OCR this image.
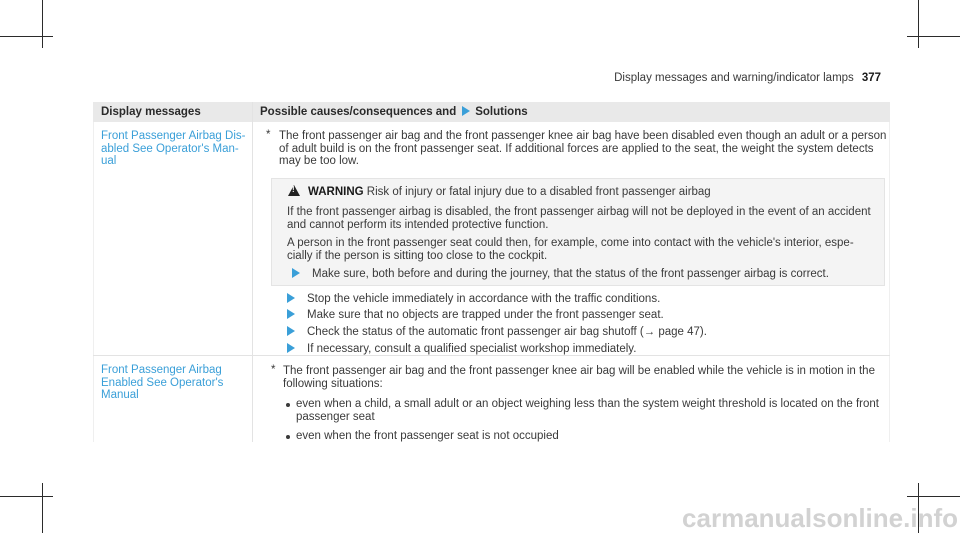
Display messages and warning/indicator lamps 377
Display messages	Possible causes/consequences and Solutions
Front Passenger Airbag Dis-
abled See Operator's Man-
ual
* The front passenger air bag and the front passenger knee air bag have been disabled even though an adult or a person
of adult build is on the front passenger seat. If additional forces are applied to the seat, the weight the system detects
may be too low.
!WARNING Risk of injury or fatal injury due to a disabled front passenger airbag
If the front passenger airbag is disabled, the front passenger airbag will not be deployed in the event of an accident
and cannot perform its intended protective function.
A person in the front passenger seat could then, for example, come into contact with the vehicle's interior, espe-
cially if the person is sitting too close to the cockpit.
Make sure, both before and during the journey, that the status of the front passenger airbag is correct.
Stop the vehicle immediately in accordance with the traffic conditions.
Make sure that no objects are trapped under the front passenger seat.
Check the status of the automatic front passenger air bag shutoff (→ page 47).
If necessary, consult a qualified specialist workshop immediately.
Front Passenger Airbag
Enabled See Operator's
Manual
* The front passenger air bag and the front passenger knee air bag will be enabled while the vehicle is in motion in the
following situations:
even when a child, a small adult or an object weighing less than the system weight threshold is located on the front
passenger seat
even when the front passenger seat is not occupied
carmanualsonline.info
